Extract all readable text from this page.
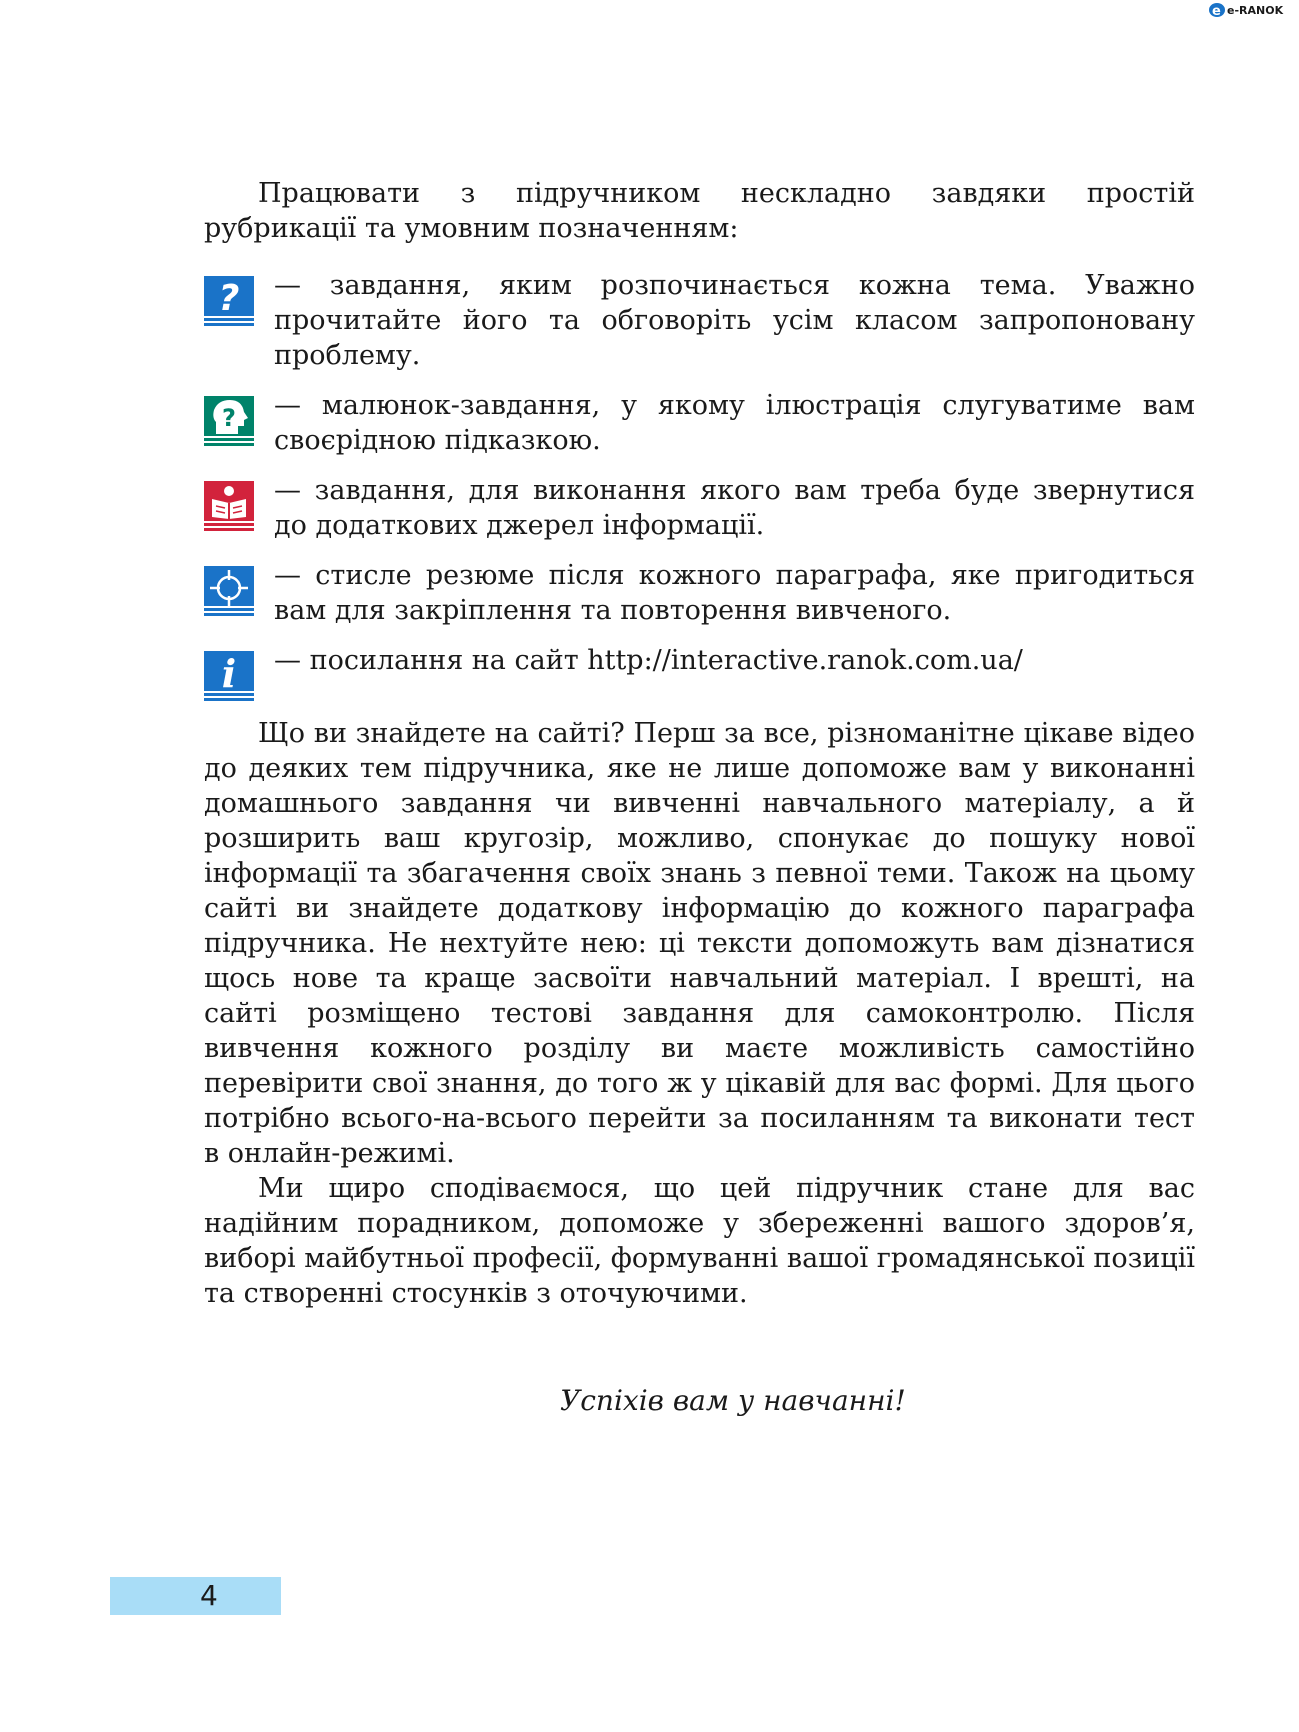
e e-RANOK

Працювати з підручником нескладно завдяки простій рубрикації та умовним позначенням:

? — завдання, яким розпочинається кожна тема. Уважно прочитайте його та обговоріть усім класом запропоновану проблему.
? — малюнок-завдання, у якому ілюстрація слугуватиме вам своєрідною підказкою.
— завдання, для виконання якого вам треба буде звернутися до додаткових джерел інформації.
— стисле резюме після кожного параграфа, яке пригодиться вам для закріплення та повторення вивченого.
i — посилання на сайт http://interactive.ranok.com.ua/

Що ви знайдете на сайті? Перш за все, різноманітне цікаве відео до деяких тем підручника, яке не лише допоможе вам у виконанні домашнього завдання чи вивченні навчального матеріалу, а й розширить ваш кругозір, можливо, спонукає до пошуку нової інформації та збагачення своїх знань з певної теми. Також на цьому сайті ви знайдете додаткову інформацію до кожного параграфа підручника. Не нехтуйте нею: ці тексти допоможуть вам дізнатися щось нове та краще засвоїти навчальний матеріал. І врешті, на сайті розміщено тестові завдання для самоконтролю. Після вивчення кожного розділу ви маєте можливість самостійно перевірити свої знання, до того ж у цікавій для вас формі. Для цього потрібно всього-на-всього перейти за посиланням та виконати тест в онлайн-режимі.

Ми щиро сподіваємося, що цей підручник стане для вас надійним порадником, допоможе у збереженні вашого здоров’я, виборі майбутньої професії, формуванні вашої громадянської позиції та створенні стосунків з оточуючими.

Успіхів вам у навчанні!
4
